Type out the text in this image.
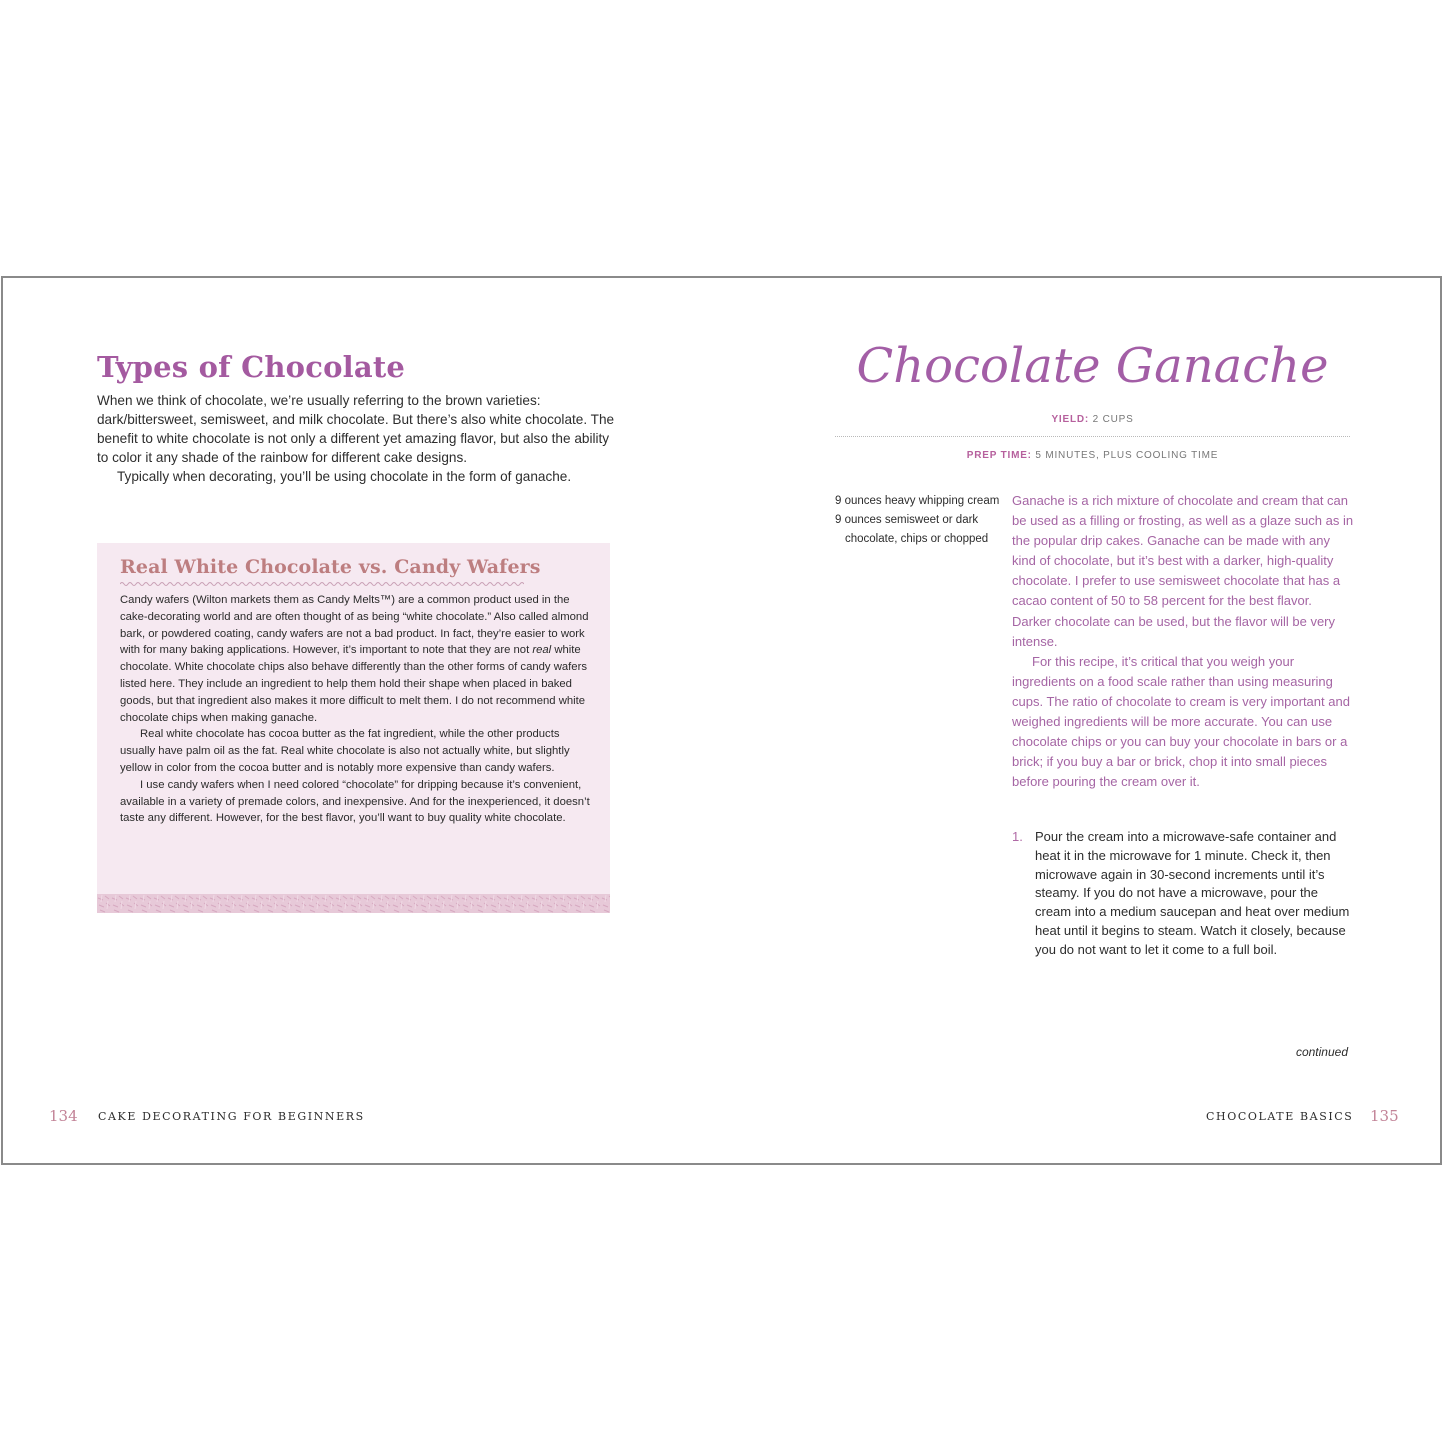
Types of Chocolate

When we think of chocolate, we’re usually referring to the brown varieties: dark/bittersweet, semisweet, and milk chocolate. But there’s also white chocolate. The benefit to white chocolate is not only a different yet amazing flavor, but also the ability to color it any shade of the rainbow for different cake designs.

Typically when decorating, you’ll be using chocolate in the form of ganache.

Real White Chocolate vs. Candy Wafers

Candy wafers (Wilton markets them as Candy Melts™) are a common product used in the cake-decorating world and are often thought of as being “white chocolate.” Also called almond bark, or powdered coating, candy wafers are not a bad product. In fact, they’re easier to work with for many baking applications. However, it’s important to note that they are not real white chocolate. White chocolate chips also behave differently than the other forms of candy wafers listed here. They include an ingredient to help them hold their shape when placed in baked goods, but that ingredient also makes it more difficult to melt them. I do not recommend white chocolate chips when making ganache.

Real white chocolate has cocoa butter as the fat ingredient, while the other products usually have palm oil as the fat. Real white chocolate is also not actually white, but slightly yellow in color from the cocoa butter and is notably more expensive than candy wafers.

I use candy wafers when I need colored “chocolate” for dripping because it’s convenient, available in a variety of premade colors, and inexpensive. And for the inexperienced, it doesn’t taste any different. However, for the best flavor, you’ll want to buy quality white chocolate.

134 CAKE DECORATING FOR BEGINNERS
Chocolate Ganache
YIELD: 2 CUPS
PREP TIME: 5 MINUTES, PLUS COOLING TIME
9 ounces heavy whipping cream
9 ounces semisweet or dark chocolate, chips or chopped

Ganache is a rich mixture of chocolate and cream that can be used as a filling or frosting, as well as a glaze such as in the popular drip cakes. Ganache can be made with any kind of chocolate, but it’s best with a darker, high-quality chocolate. I prefer to use semisweet chocolate that has a cacao content of 50 to 58 percent for the best flavor. Darker chocolate can be used, but the flavor will be very intense.

For this recipe, it’s critical that you weigh your ingredients on a food scale rather than using measuring cups. The ratio of chocolate to cream is very important and weighed ingredients will be more accurate. You can use chocolate chips or you can buy your chocolate in bars or a brick; if you buy a bar or brick, chop it into small pieces before pouring the cream over it.

1. Pour the cream into a microwave-safe container and heat it in the microwave for 1 minute. Check it, then microwave again in 30-second increments until it’s steamy. If you do not have a microwave, pour the cream into a medium saucepan and heat over medium heat until it begins to steam. Watch it closely, because you do not want to let it come to a full boil.
continued
CHOCOLATE BASICS 135
